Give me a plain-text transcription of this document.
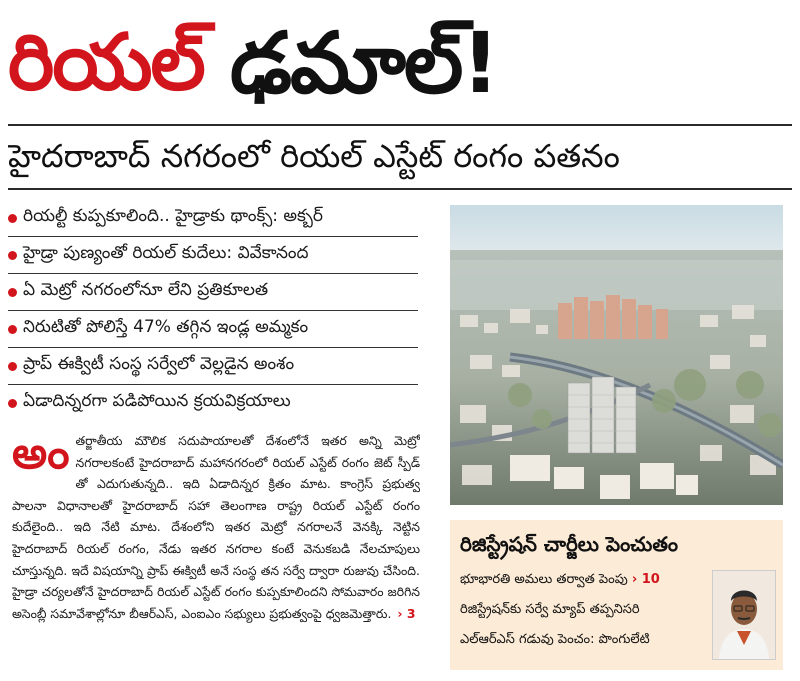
రియల్ ఢమాల్!
హైదరాబాద్ నగరంలో రియల్ ఎస్టేట్ రంగం పతనం
రియల్టీ కుప్పకూలింది.. హైడ్రాకు థాంక్స్: అక్బర్
హైడ్రా పుణ్యంతో రియల్ కుదేలు: వివేకానంద
ఏ మెట్రో నగరంలోనూ లేని ప్రతికూలత
నిరుటితో పోలిస్తే 47% తగ్గిన ఇండ్ల అమ్మకం
ప్రాప్ ఈక్విటీ సంస్థ సర్వేలో వెల్లడైన అంశం
ఏడాదిన్నరగా పడిపోయిన క్రయవిక్రయాలు
అంతర్జాతీయ మౌలిక సదుపాయాలతో దేశంలోనే ఇతర అన్ని మెట్రో నగరాలకంటే హైదరాబాద్ మహానగరంలో రియల్ ఎస్టేట్ రంగం జెట్ స్పీడ్ తో ఎదుగుతున్నది.. ఇది ఏడాదిన్నర క్రితం మాట. కాంగ్రెస్ ప్రభుత్వ పాలనా విధానాలతో హైదరాబాద్ సహా తెలంగాణ రాష్ట్ర రియల్ ఎస్టేట్ రంగం కుదేలైంది.. ఇది నేటి మాట. దేశంలోని ఇతర మెట్రో నగరాలనే వెనక్కి నెట్టిన హైదరాబాద్ రియల్ రంగం, నేడు ఇతర నగరాల కంటే వెనుకబడి నేలచూపులు చూస్తున్నది. ఇదే విషయాన్ని ప్రాప్ ఈక్విటీ అనే సంస్థ తన సర్వే ద్వారా రుజువు చేసింది. హైడ్రా చర్యలతోనే హైదరాబాద్ రియల్ ఎస్టేట్ రంగం కుప్పకూలిందని సోమవారం జరిగిన అసెంబ్లీ సమావేశాల్లోనూ బీఆర్ఎస్, ఎంఐఎం సభ్యులు ప్రభుత్వంపై ధ్వజమెత్తారు. › 3
రిజిస్ట్రేషన్ చార్జీలు పెంచుతం
భూభారతి అమలు తర్వాత పెంపు › 10
రిజిస్ట్రేషన్‌కు సర్వే మ్యాప్ తప్పనిసరి
ఎల్ఆర్ఎస్ గడువు పెంచం: పొంగులేటి
